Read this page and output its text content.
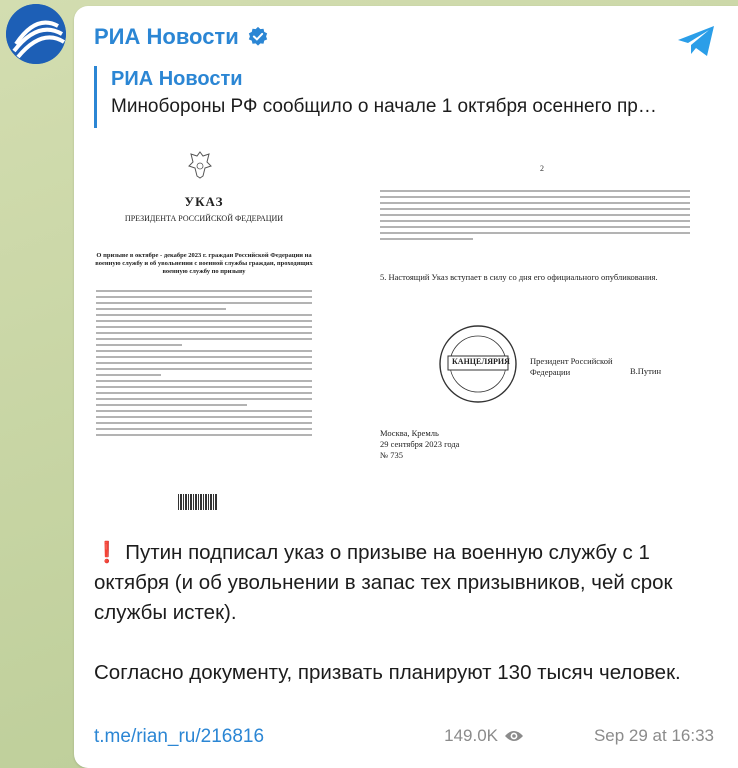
РИА Новости
РИА Новости
Минобороны РФ сообщило о начале 1 октября осеннего пр…
УКАЗ
ПРЕЗИДЕНТА РОССИЙСКОЙ ФЕДЕРАЦИИ
О призыве в октябре - декабре 2023 г. граждан Российской Федерации на военную службу и об увольнении с военной службы граждан, проходящих военную службу по призыву
2
5. Настоящий Указ вступает в силу со дня его официального опубликования.
КАНЦЕЛЯРИЯ Президент Российской Федерации	В.Путин
Москва, Кремль
29 сентября 2023 года
№ 735

❗ Путин подписал указ о призыве на военную службу с 1 октября (и об увольнении в запас тех призывников, чей срок службы истек).

Согласно документу, призвать планируют 130 тысяч человек.

t.me/rian_ru/216816	149.0K	Sep 29 at 16:33
